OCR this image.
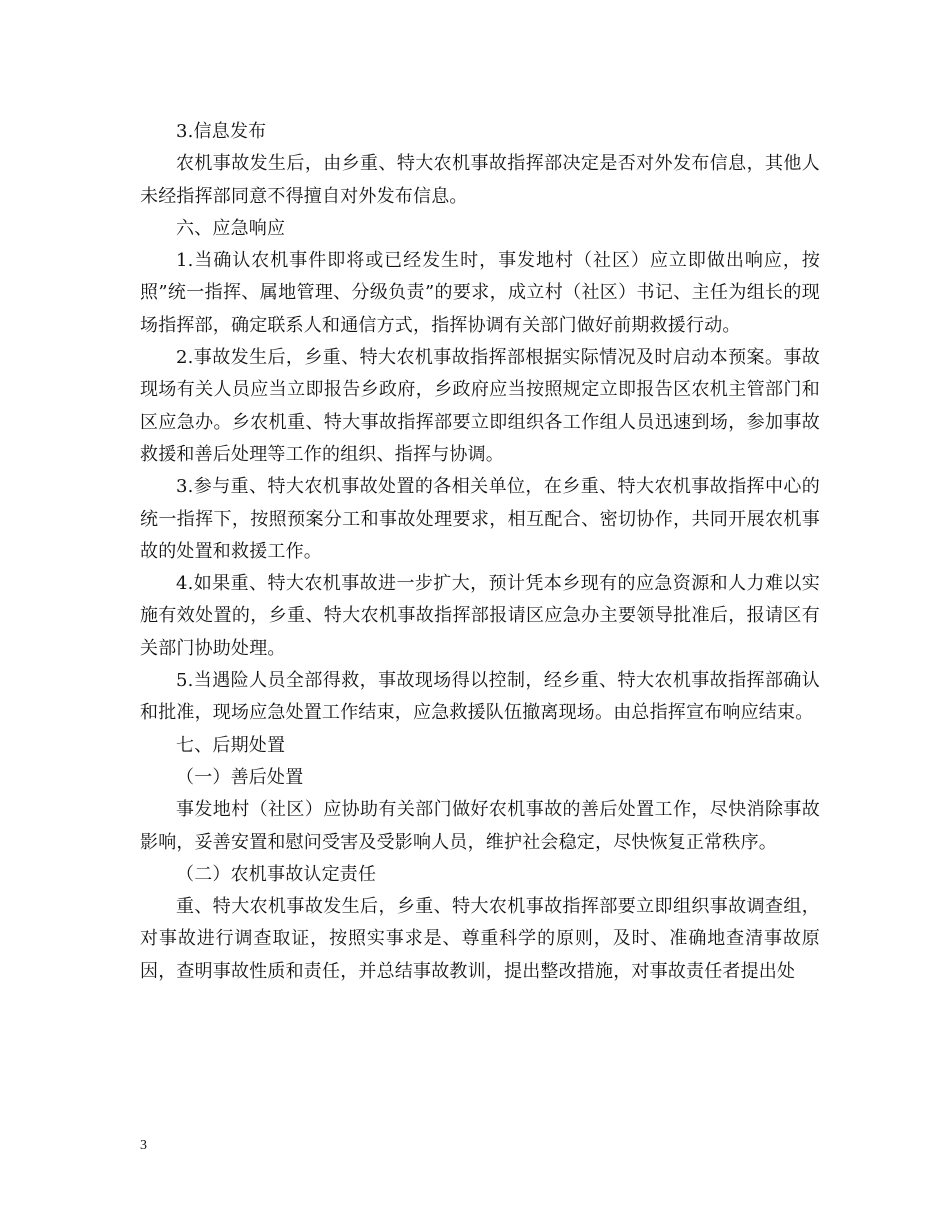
3.信息发布

农机事故发生后，由乡重、特大农机事故指挥部决定是否对外发布信息，其他人未经指挥部同意不得擅自对外发布信息。

六、应急响应

1.当确认农机事件即将或已经发生时，事发地村（社区）应立即做出响应，按照”统一指挥、属地管理、分级负责”的要求，成立村（社区）书记、主任为组长的现场指挥部，确定联系人和通信方式，指挥协调有关部门做好前期救援行动。

2.事故发生后，乡重、特大农机事故指挥部根据实际情况及时启动本预案。事故现场有关人员应当立即报告乡政府，乡政府应当按照规定立即报告区农机主管部门和区应急办。乡农机重、特大事故指挥部要立即组织各工作组人员迅速到场，参加事故救援和善后处理等工作的组织、指挥与协调。

3.参与重、特大农机事故处置的各相关单位，在乡重、特大农机事故指挥中心的统一指挥下，按照预案分工和事故处理要求，相互配合、密切协作，共同开展农机事故的处置和救援工作。

4.如果重、特大农机事故进一步扩大，预计凭本乡现有的应急资源和人力难以实施有效处置的，乡重、特大农机事故指挥部报请区应急办主要领导批准后，报请区有关部门协助处理。

5.当遇险人员全部得救，事故现场得以控制，经乡重、特大农机事故指挥部确认和批准，现场应急处置工作结束，应急救援队伍撤离现场。由总指挥宣布响应结束。

七、后期处置

（一）善后处置

事发地村（社区）应协助有关部门做好农机事故的善后处置工作，尽快消除事故影响，妥善安置和慰问受害及受影响人员，维护社会稳定，尽快恢复正常秩序。

（二）农机事故认定责任

重、特大农机事故发生后，乡重、特大农机事故指挥部要立即组织事故调查组，对事故进行调查取证，按照实事求是、尊重科学的原则，及时、准确地查清事故原因，查明事故性质和责任，并总结事故教训，提出整改措施，对事故责任者提出处

3
